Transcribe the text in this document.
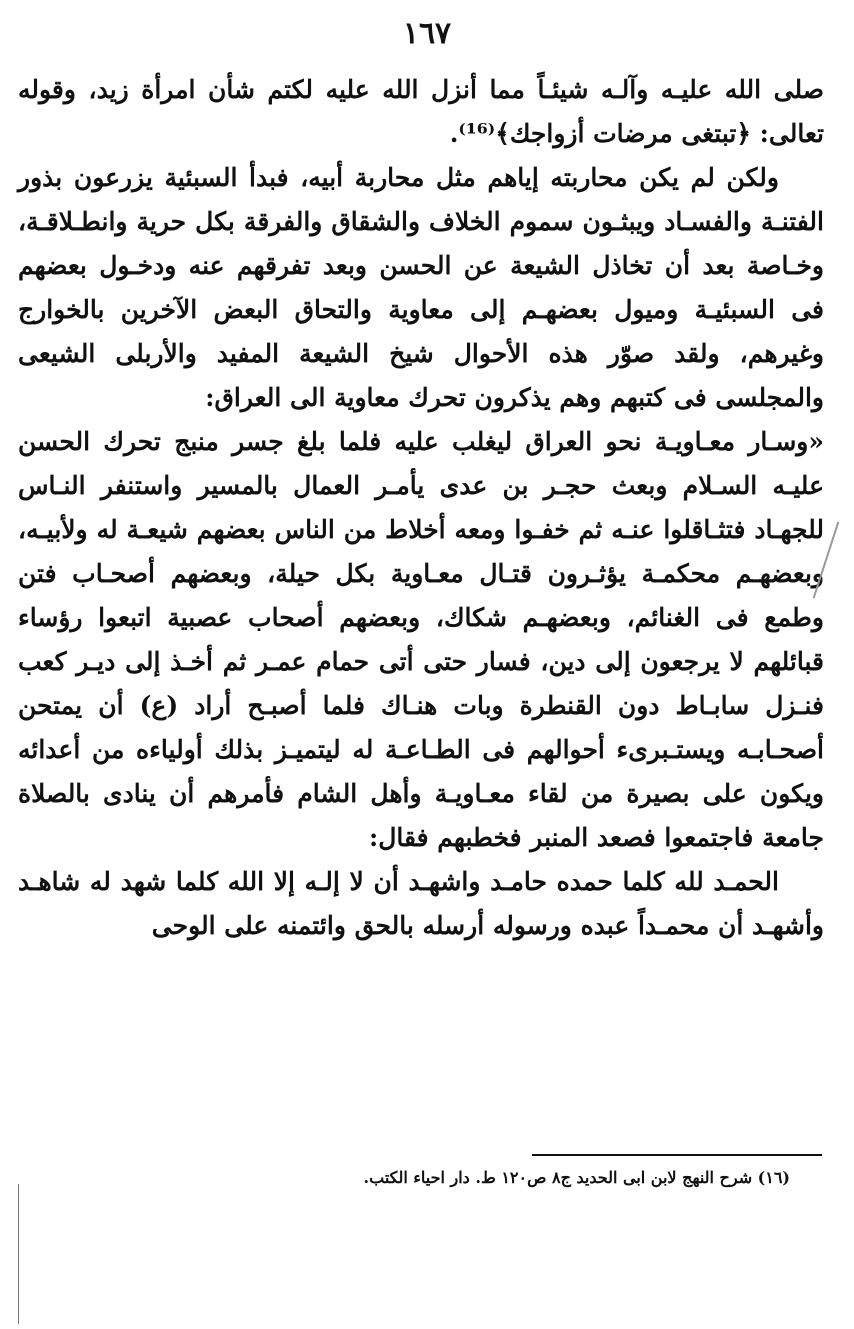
١٦٧

صلى الله عليـه وآلـه شيئـاً مما أنزل الله عليه لكتم شأن امرأة زيد، وقوله تعالى: ﴿تبتغى مرضات أزواجك﴾⁽¹⁶⁾.

ولكن لم يكن محاربته إياهم مثل محاربة أبيه، فبدأ السبئية يزرعون بذور الفتنـة والفسـاد ويبثـون سموم الخلاف والشقاق والفرقة بكل حرية وانطـلاقـة، وخـاصة بعد أن تخاذل الشيعة عن الحسن وبعد تفرقهم عنه ودخـول بعضهم فى السبئيـة وميول بعضهـم إلى معاوية والتحاق البعض الآخرين بالخوارج وغيرهم، ولقد صوّر هذه الأحوال شيخ الشيعة المفيد والأربلى الشيعى والمجلسى فى كتبهم وهم يذكرون تحرك معاوية الى العراق:

«وسـار معـاويـة نحو العراق ليغلب عليه فلما بلغ جسر منبج تحرك الحسن عليـه السـلام وبعث حجـر بن عدى يأمـر العمال بالمسير واستنفر النـاس للجهـاد فتثـاقلوا عنـه ثم خفـوا ومعه أخلاط من الناس بعضهم شيعـة له ولأبيـه، وبعضهـم محكمـة يؤثـرون قتـال معـاوية بكل حيلة، وبعضهم أصحـاب فتن وطمع فى الغنائم، وبعضهـم شكاك، وبعضهم أصحاب عصبية اتبعوا رؤساء قبائلهم لا يرجعون إلى دين، فسار حتى أتى حمام عمـر ثم أخـذ إلى ديـر كعب فنـزل سابـاط دون القنطرة وبات هنـاك فلما أصبـح أراد (ع) أن يمتحن أصحـابـه ويستـبرىء أحوالهم فى الطـاعـة له ليتميـز بذلك أولياءه من أعدائه ويكون على بصيرة من لقاء معـاويـة وأهل الشام فأمرهم أن ينادى بالصلاة جامعة فاجتمعوا فصعد المنبر فخطبهم فقال:

الحمـد لله كلما حمده حامـد واشهـد أن لا إلـه إلا الله كلما شهد له شاهـد وأشهـد أن محمـداً عبده ورسوله أرسله بالحق وائتمنه على الوحى

(١٦) شرح النهج لابن ابى الحديد ج٨ ص١٢٠ ط. دار احياء الكتب.
